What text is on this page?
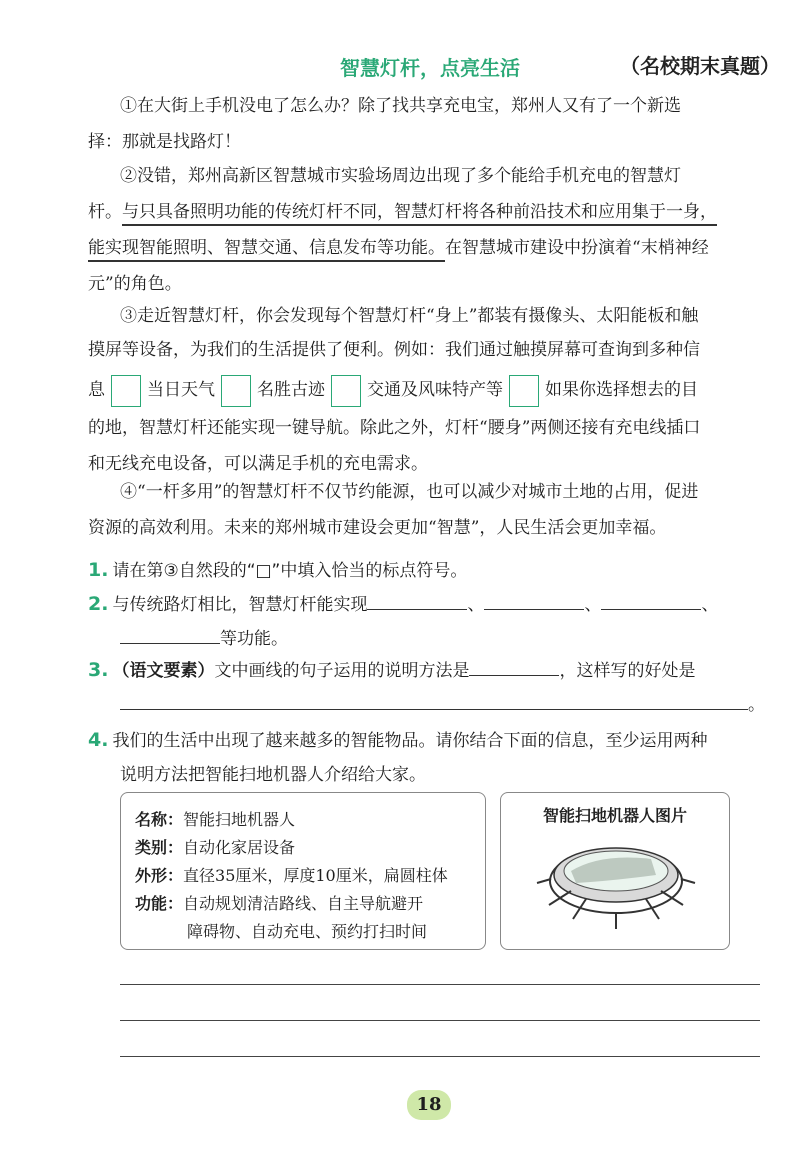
智慧灯杆，点亮生活	（名校期末真题）
①在大街上手机没电了怎么办？除了找共享充电宝，郑州人又有了一个新选
择：那就是找路灯！
②没错，郑州高新区智慧城市实验场周边出现了多个能给手机充电的智慧灯
杆。与只具备照明功能的传统灯杆不同，智慧灯杆将各种前沿技术和应用集于一身，
能实现智能照明、智慧交通、信息发布等功能。在智慧城市建设中扮演着“末梢神经
元”的角色。
③走近智慧灯杆，你会发现每个智慧灯杆“身上”都装有摄像头、太阳能板和触
摸屏等设备，为我们的生活提供了便利。例如：我们通过触摸屏幕可查询到多种信
息 当日天气 名胜古迹 交通及风味特产等 如果你选择想去的目
的地，智慧灯杆还能实现一键导航。除此之外，灯杆“腰身”两侧还接有充电线插口
和无线充电设备，可以满足手机的充电需求。
④“一杆多用”的智慧灯杆不仅节约能源，也可以减少对城市土地的占用，促进
资源的高效利用。未来的郑州城市建设会更加“智慧”，人民生活会更加幸福。
1. 请在第③自然段的“□”中填入恰当的标点符号。
2. 与传统路灯相比，智慧灯杆能实现	、	、	、
等功能。
3. （语文要素）文中画线的句子运用的说明方法是	，这样写的好处是
。
4. 我们的生活中出现了越来越多的智能物品。请你结合下面的信息，至少运用两种
说明方法把智能扫地机器人介绍给大家。
名称：智能扫地机器人
类别：自动化家居设备
外形：直径35厘米，厚度10厘米，扁圆柱体
功能：自动规划清洁路线、自主导航避开
障碍物、自动充电、预约打扫时间
智能扫地机器人图片
18
